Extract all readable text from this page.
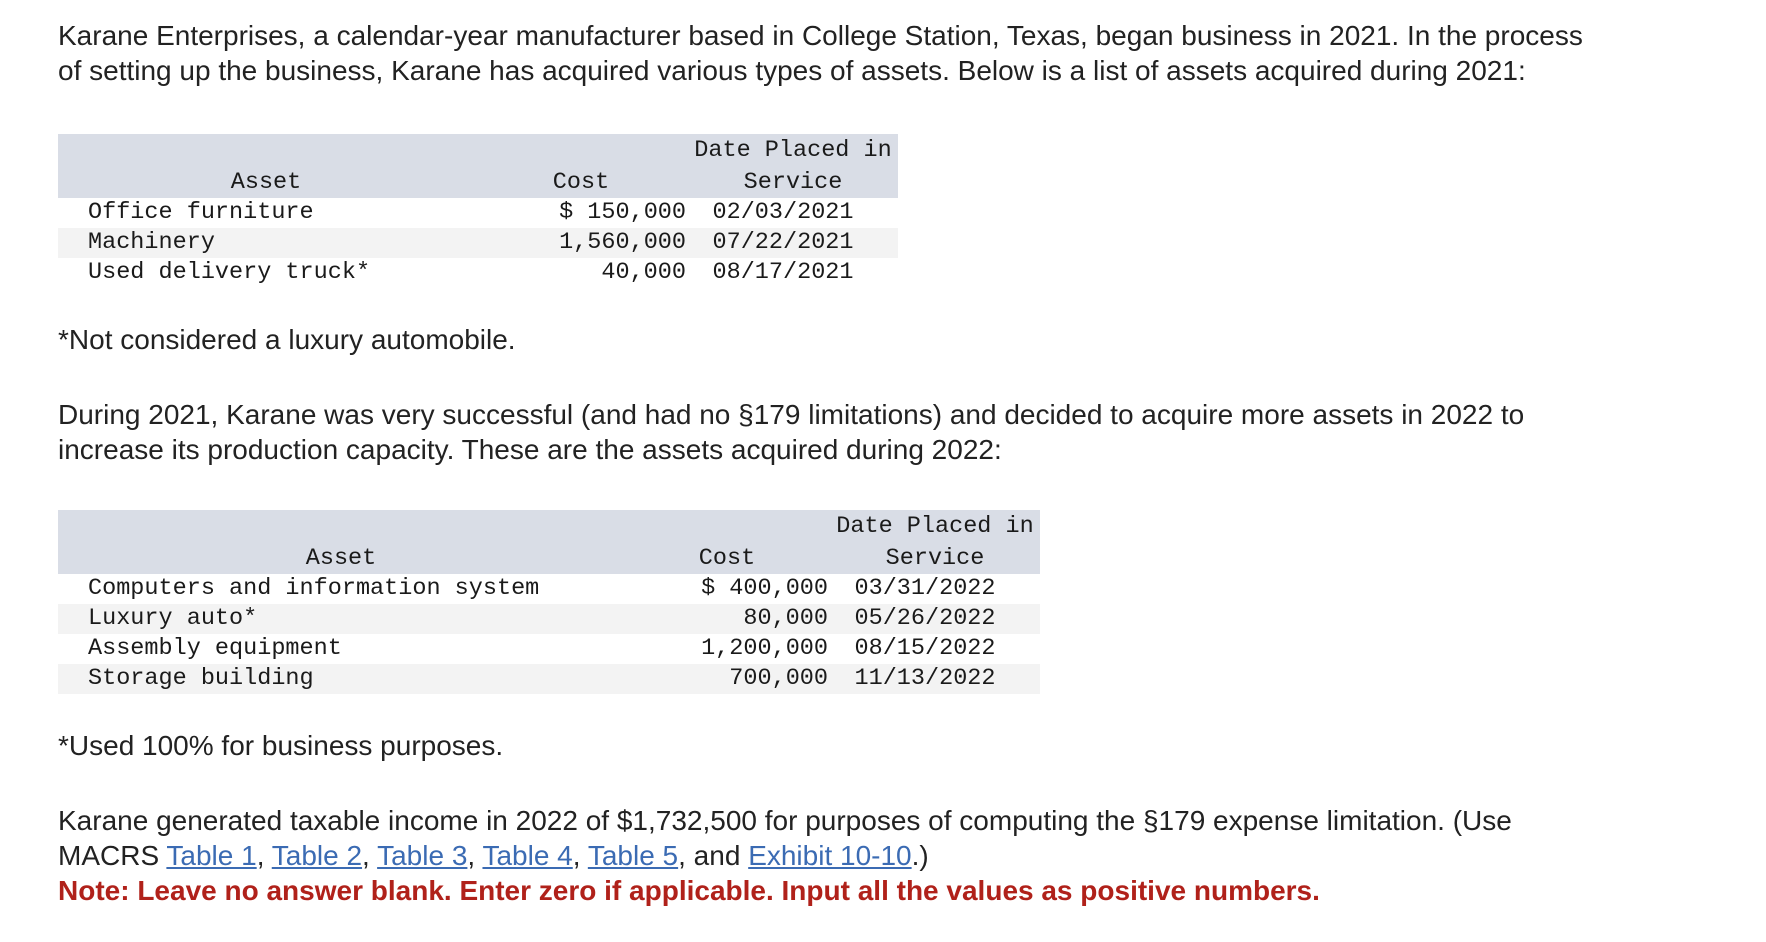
Karane Enterprises, a calendar-year manufacturer based in College Station, Texas, began business in 2021. In the process
of setting up the business, Karane has acquired various types of assets. Below is a list of assets acquired during 2021:

		Date Placed in
Asset	Cost	Service
Office furniture	$ 150,000	02/03/2021
Machinery	1,560,000	07/22/2021
Used delivery truck*	40,000	08/17/2021

*Not considered a luxury automobile.

During 2021, Karane was very successful (and had no §179 limitations) and decided to acquire more assets in 2022 to
increase its production capacity. These are the assets acquired during 2022:

		Date Placed in
Asset	Cost	Service
Computers and information system	$ 400,000	03/31/2022
Luxury auto*	80,000	05/26/2022
Assembly equipment	1,200,000	08/15/2022
Storage building	700,000	11/13/2022

*Used 100% for business purposes.

Karane generated taxable income in 2022 of $1,732,500 for purposes of computing the §179 expense limitation. (Use
MACRS Table 1, Table 2, Table 3, Table 4, Table 5, and Exhibit 10-10.)
Note: Leave no answer blank. Enter zero if applicable. Input all the values as positive numbers.
